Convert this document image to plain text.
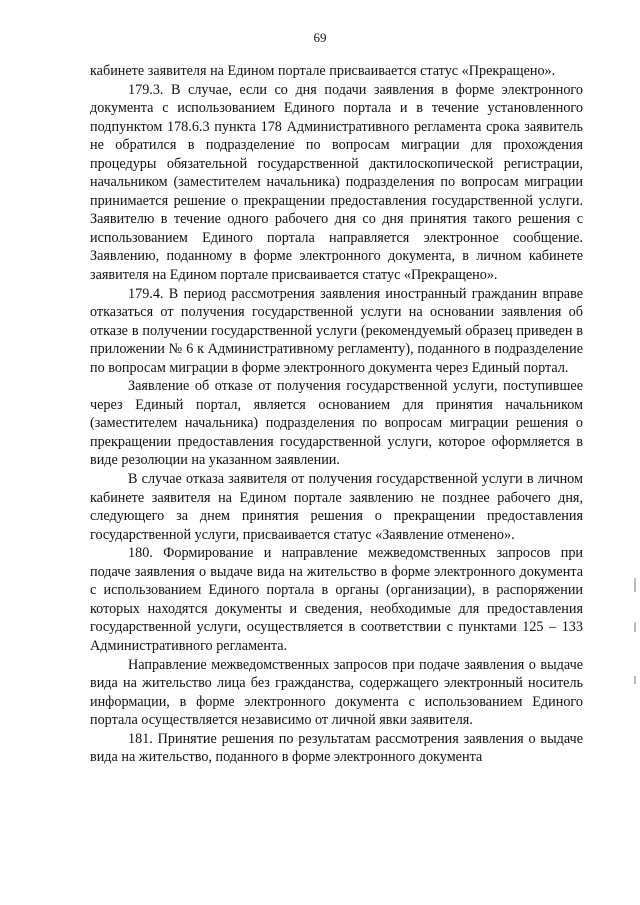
69

кабинете заявителя на Едином портале присваивается статус «Прекращено».

179.3. В случае, если со дня подачи заявления в форме электронного документа с использованием Единого портала и в течение установленного подпунктом 178.6.3 пункта 178 Административного регламента срока заявитель не обратился в подразделение по вопросам миграции для прохождения процедуры обязательной государственной дактилоскопической регистрации, начальником (заместителем начальника) подразделения по вопросам миграции принимается решение о прекращении предоставления государственной услуги. Заявителю в течение одного рабочего дня со дня принятия такого решения с использованием Единого портала направляется электронное сообщение. Заявлению, поданному в форме электронного документа, в личном кабинете заявителя на Едином портале присваивается статус «Прекращено».

179.4. В период рассмотрения заявления иностранный гражданин вправе отказаться от получения государственной услуги на основании заявления об отказе в получении государственной услуги (рекомендуемый образец приведен в приложении № 6 к Административному регламенту), поданного в подразделение по вопросам миграции в форме электронного документа через Единый портал.

Заявление об отказе от получения государственной услуги, поступившее через Единый портал, является основанием для принятия начальником (заместителем начальника) подразделения по вопросам миграции решения о прекращении предоставления государственной услуги, которое оформляется в виде резолюции на указанном заявлении.

В случае отказа заявителя от получения государственной услуги в личном кабинете заявителя на Едином портале заявлению не позднее рабочего дня, следующего за днем принятия решения о прекращении предоставления государственной услуги, присваивается статус «Заявление отменено».

180. Формирование и направление межведомственных запросов при подаче заявления о выдаче вида на жительство в форме электронного документа с использованием Единого портала в органы (организации), в распоряжении которых находятся документы и сведения, необходимые для предоставления государственной услуги, осуществляется в соответствии с пунктами 125 – 133 Административного регламента.

Направление межведомственных запросов при подаче заявления о выдаче вида на жительство лица без гражданства, содержащего электронный носитель информации, в форме электронного документа с использованием Единого портала осуществляется независимо от личной явки заявителя.

181. Принятие решения по результатам рассмотрения заявления о выдаче вида на жительство, поданного в форме электронного документа
